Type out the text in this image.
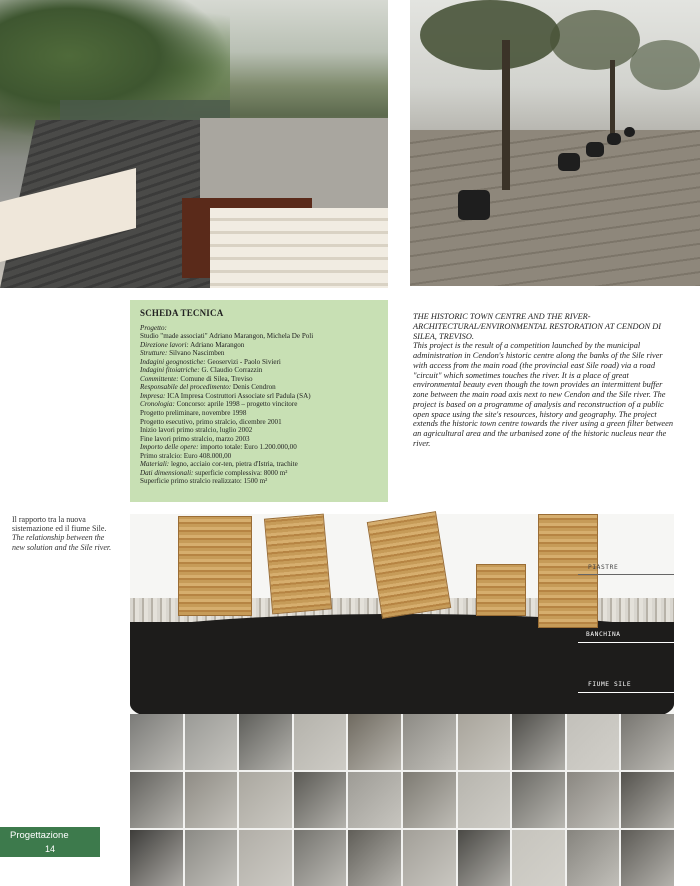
SCHEDA TECNICA
Progetto:
Studio "made associati" Adriano Marangon, Michela De Poli
Direzione lavori: Adriano Marangon
Strutture: Silvano Nascimben
Indagini geognostiche: Geoservizi - Paolo Sivieri
Indagini fitoiatriche: G. Claudio Corrazzin
Committente: Comune di Silea, Treviso
Responsabile del procedimento: Denis Cendron
Impresa: ICA Impresa Costruttori Associate srl Padula (SA)
Cronologia: Concorso: aprile 1998 – progetto vincitore
Progetto preliminare, novembre 1998
Progetto esecutivo, primo stralcio, dicembre 2001
Inizio lavori primo stralcio, luglio 2002
Fine lavori primo stralcio, marzo 2003
Importo delle opere: importo totale: Euro 1.200.000,00
Primo stralcio: Euro 408.000,00
Materiali: legno, acciaio cor-ten, pietra d'Istria, trachite
Dati dimensionali: superficie complessiva: 8000 m²
Superficie primo stralcio realizzato: 1500 m²

THE HISTORIC TOWN CENTRE AND THE RIVER- ARCHITECTURAL/ENVIRONMENTAL RESTORATION AT CENDON DI SILEA, TREVISO.

This project is the result of a competition launched by the municipal administration in Cendon's historic centre along the banks of the Sile river with access from the main road (the provincial east Sile road) via a road "circuit" which sometimes touches the river. It is a place of great environmental beauty even though the town provides an intermittent buffer zone between the main road axis next to new Cendon and the Sile river. The project is based on a programme of analysis and reconstruction of a public open space using the site's resources, history and geography. The project extends the historic town centre towards the river using a green filter between an agricultural area and the urbanised zone of the historic nucleus near the river.

Il rapporto tra la nuova sistemazione ed il fiume Sile.
The relationship between the new solution and the Sile river.
PIASTRE
BANCHINA
FIUME SILE
Progettazione
14
